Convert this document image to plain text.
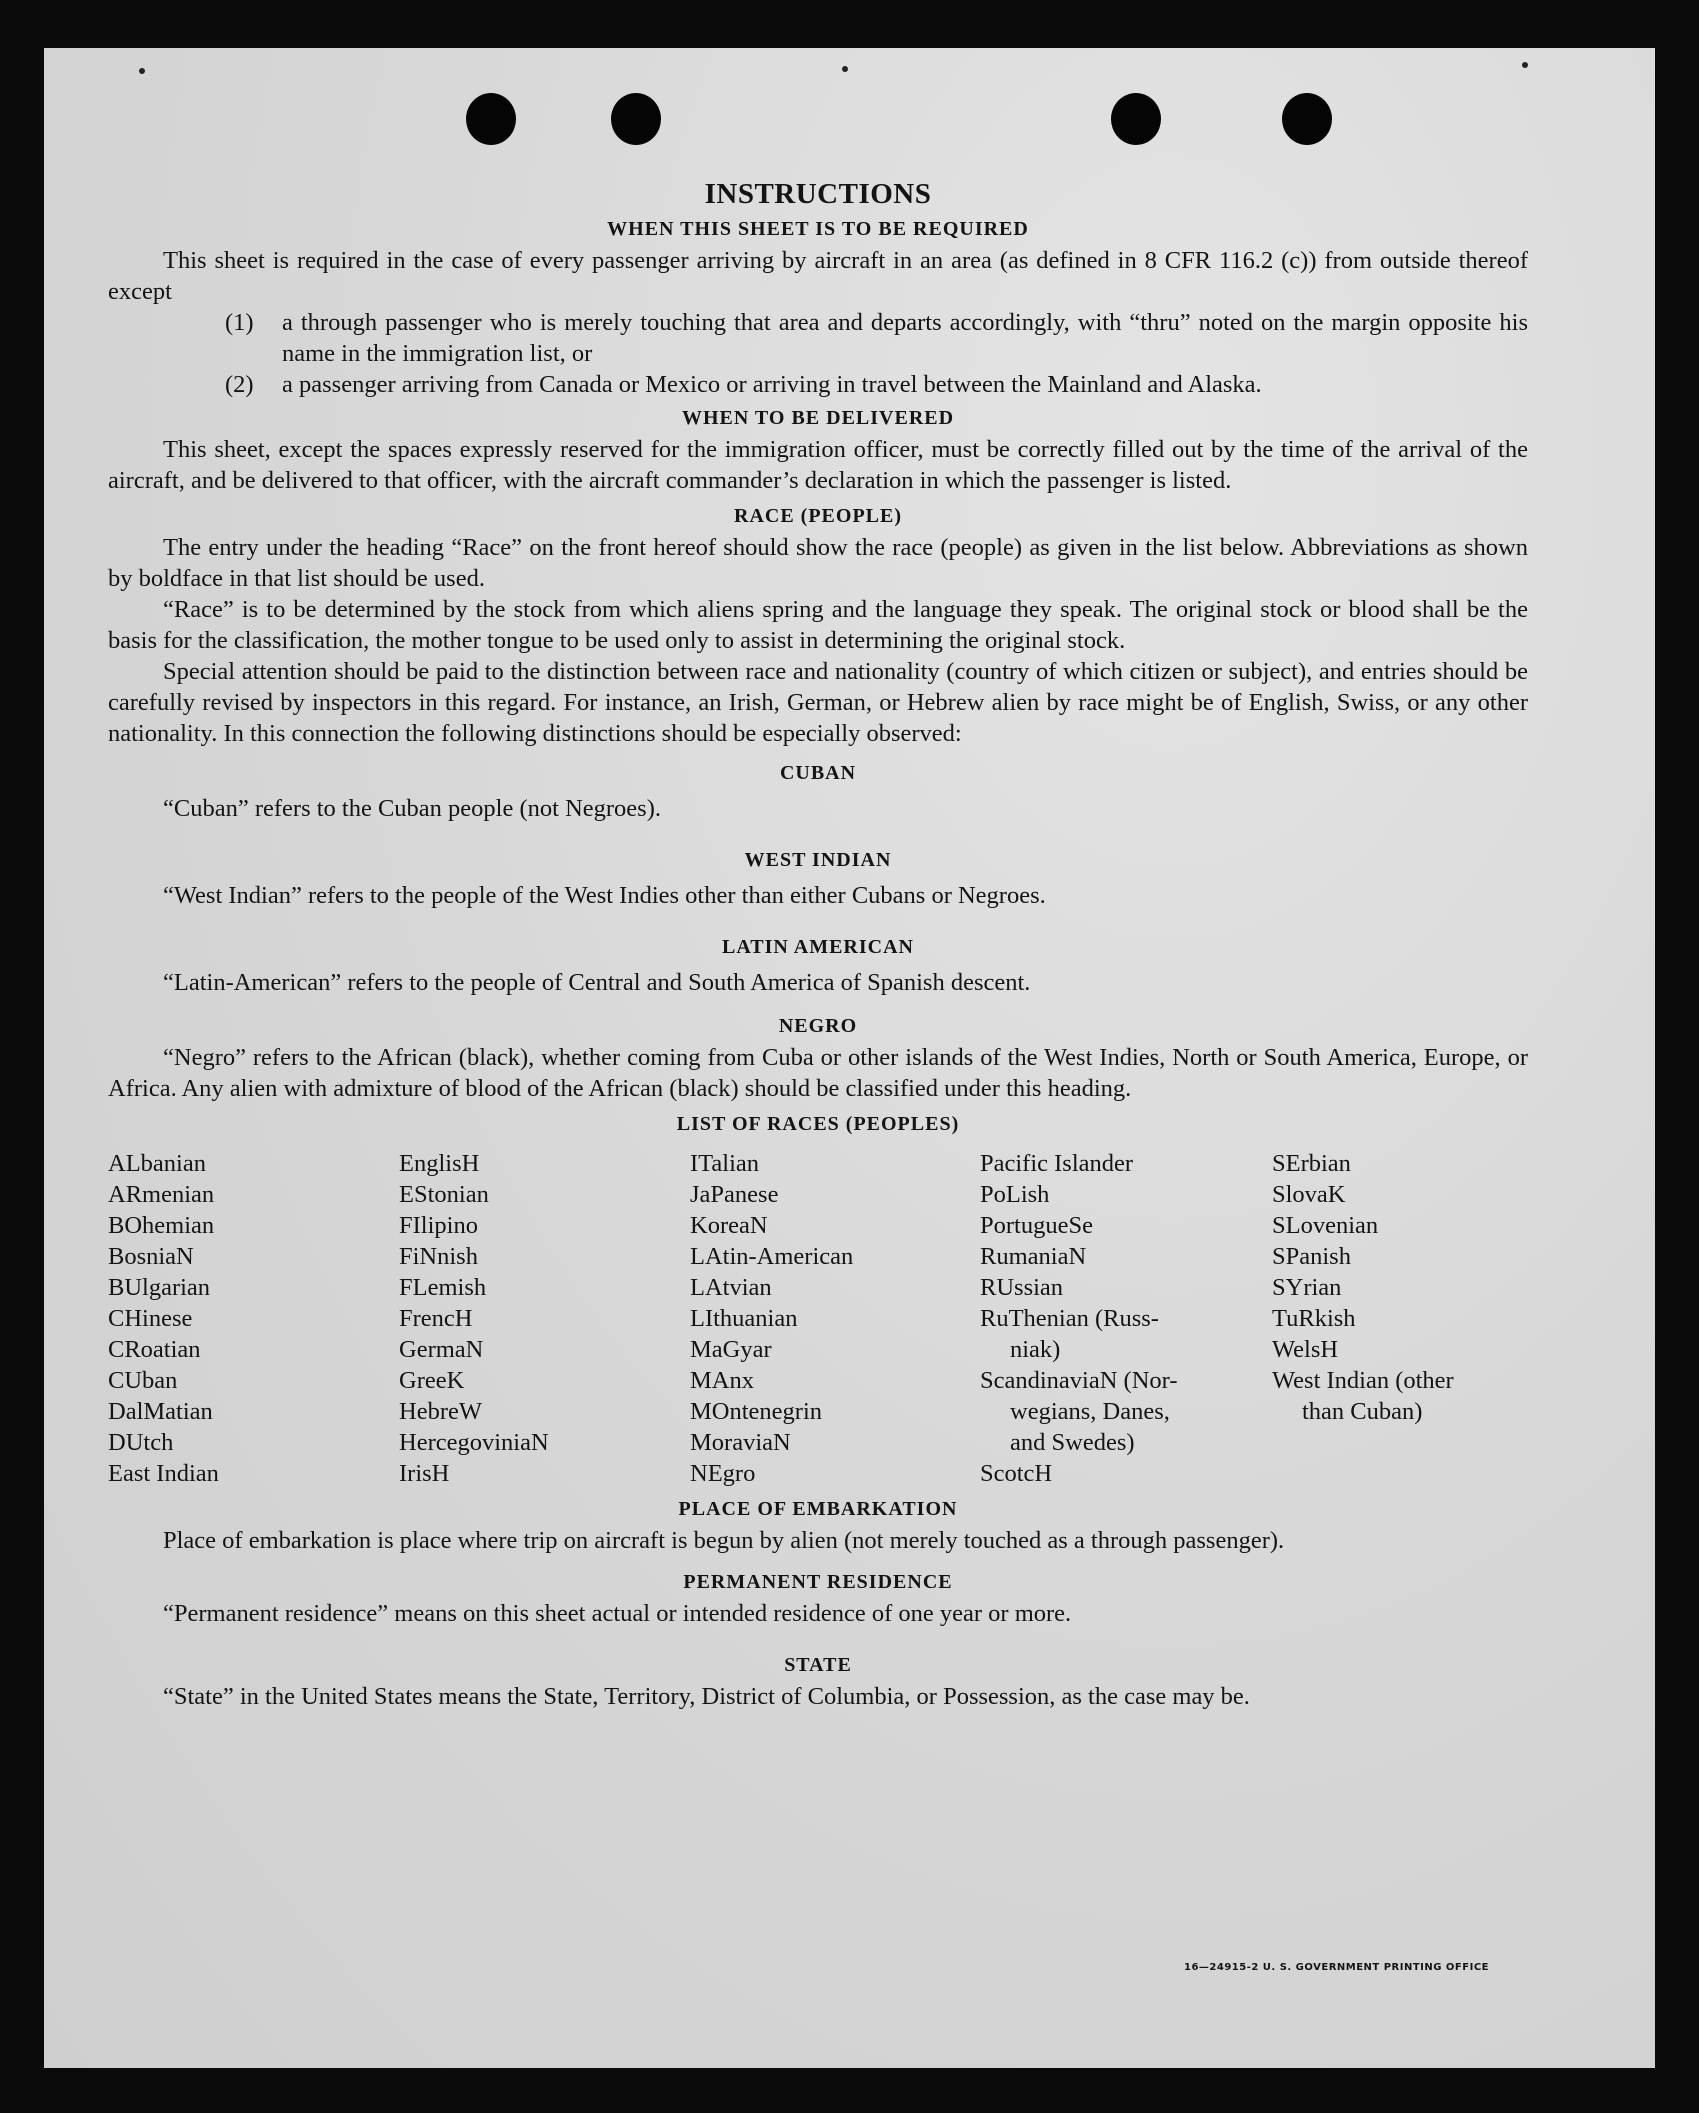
INSTRUCTIONS
WHEN THIS SHEET IS TO BE REQUIRED

This sheet is required in the case of every passenger arriving by aircraft in an area (as defined in 8 CFR 116.2 (c)) from outside thereof except

(1)	a through passenger who is merely touching that area and departs accordingly, with “thru” noted on the margin opposite his name in the immigration list, or
(2)	a passenger arriving from Canada or Mexico or arriving in travel between the Mainland and Alaska.
WHEN TO BE DELIVERED

This sheet, except the spaces expressly reserved for the immigration officer, must be correctly filled out by the time of the arrival of the aircraft, and be delivered to that officer, with the aircraft commander’s declaration in which the passenger is listed.

RACE (PEOPLE)

The entry under the heading “Race” on the front hereof should show the race (people) as given in the list below. Abbreviations as shown by boldface in that list should be used.

“Race” is to be determined by the stock from which aliens spring and the language they speak. The original stock or blood shall be the basis for the classification, the mother tongue to be used only to assist in determining the original stock.

Special attention should be paid to the distinction between race and nationality (country of which citizen or subject), and entries should be carefully revised by inspectors in this regard. For instance, an Irish, German, or Hebrew alien by race might be of English, Swiss, or any other nationality. In this connection the following distinctions should be especially observed:

CUBAN

“Cuban” refers to the Cuban people (not Negroes).

WEST INDIAN

“West Indian” refers to the people of the West Indies other than either Cubans or Negroes.

LATIN AMERICAN

“Latin-American” refers to the people of Central and South America of Spanish descent.

NEGRO

“Negro” refers to the African (black), whether coming from Cuba or other islands of the West Indies, North or South America, Europe, or Africa. Any alien with admixture of blood of the African (black) should be classified under this heading.

LIST OF RACES (PEOPLES)
ALbanian
ARmenian
BOhemian
BosniaN
BUlgarian
CHinese
CRoatian
CUban
DalMatian
DUtch
East Indian
EnglisH
EStonian
FIlipino
FiNnish
FLemish
FrencH
GermaN
GreeK
HebreW
HercegoviniaN
IrisH
ITalian
JaPanese
KoreaN
LAtin-American
LAtvian
LIthuanian
MaGyar
MAnx
MOntenegrin
MoraviaN
NEgro
Pacific Islander
PoLish
PortugueSe
RumaniaN
RUssian
RuThenian (Russ-
niak)
ScandinaviaN (Nor-
wegians, Danes,
and Swedes)
ScotcH
SErbian
SlovaK
SLovenian
SPanish
SYrian
TuRkish
WelsH
West Indian (other
than Cuban)
PLACE OF EMBARKATION

Place of embarkation is place where trip on aircraft is begun by alien (not merely touched as a through passenger).

PERMANENT RESIDENCE

“Permanent residence” means on this sheet actual or intended residence of one year or more.

STATE

“State” in the United States means the State, Territory, District of Columbia, or Possession, as the case may be.

16—24915-2 U. S. GOVERNMENT PRINTING OFFICE
